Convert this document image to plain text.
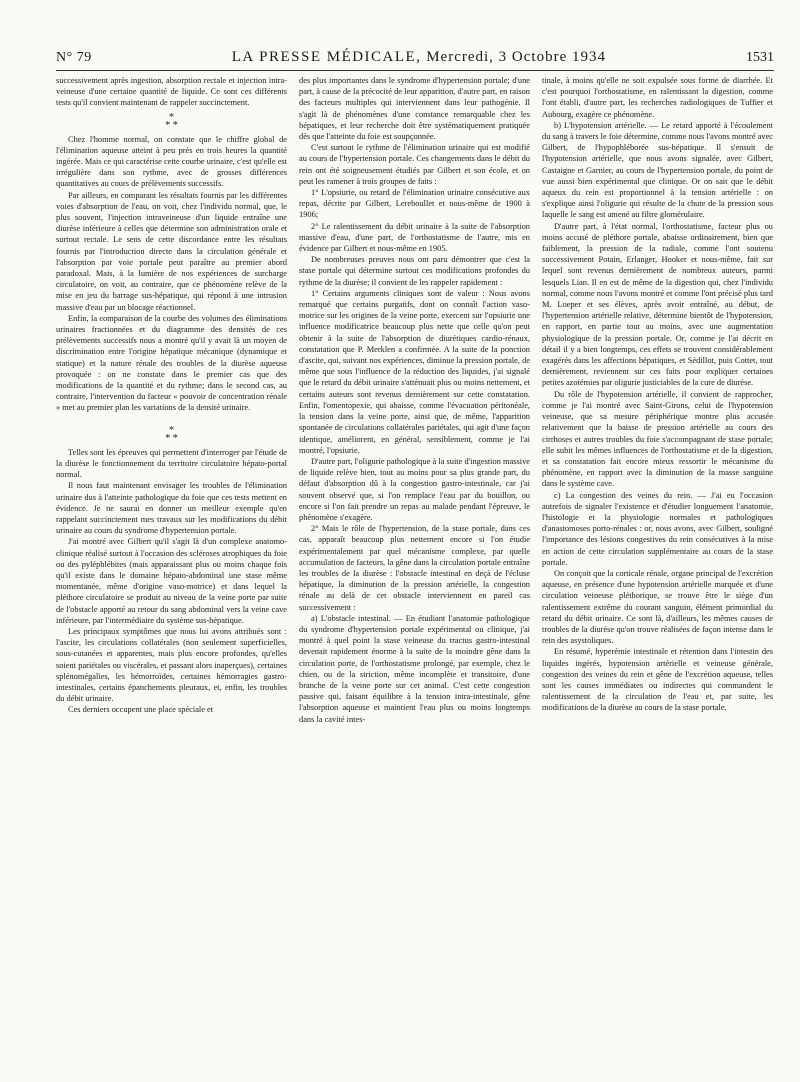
N° 79	LA PRESSE MÉDICALE, Mercredi, 3 Octobre 1934	1531

successivement après ingestion, absorption rectale et injection intra-veineuse d'une certaine quantité de liquide. Ce sont ces différents tests qu'il convient maintenant de rappeler succinctement.

*
* *

Chez l'homme normal, on constate que le chiffre global de l'élimination aqueuse atteint à peu près en trois heures la quantité ingérée. Mais ce qui caractérise cette courbe urinaire, c'est qu'elle est irrégulière dans son rythme, avec de grosses différences quantitatives au cours de prélèvements successifs.

Par ailleurs, en comparant les résultats fournis par les différentes voies d'absorption de l'eau, on voit, chez l'individu normal, que, le plus souvent, l'injection intraveineuse d'un liquide entraîne une diurèse inférieure à celles que détermine son administration orale et surtout rectale. Le sens de cette discordance entre les résultats fournis par l'introduction directe dans la circulation générale et l'absorption par voie portale peut paraître au premier abord paradoxal. Mais, à la lumière de nos expériences de surcharge circulatoire, on voit, au contraire, que ce phénomène relève de la mise en jeu du barrage sus-hépatique, qui répond à une intrusion massive d'eau par un blocage réactionnel.

Enfin, la comparaison de la courbe des volumes des éliminations urinaires fractionnées et du diagramme des densités de ces prélèvements successifs nous a montré qu'il y avait là un moyen de discrimination entre l'origine hépatique mécanique (dynamique et statique) et la nature rénale des troubles de la diurèse aqueuse provoquée : on ne constate dans le premier cas que des modifications de la quantité et du rythme; dans le second cas, au contraire, l'intervention du facteur « pouvoir de concentration rénale » met au premier plan les variations de la densité urinaire.

*
* *

Telles sont les épreuves qui permettent d'interroger par l'étude de la diurèse le fonctionnement du territoire circulatoire hépato-portal normal.

Il nous faut maintenant envisager les troubles de l'élimination urinaire dus à l'atteinte pathologique du foie que ces tests mettent en évidence. Je ne saurai en donner un meilleur exemple qu'en rappelant succinctement mes travaux sur les modifications du débit urinaire au cours du syndrome d'hypertension portale.

J'ai montré avec Gilbert qu'il s'agit là d'un complexe anatomo-clinique réalisé surtout à l'occasion des scléroses atrophiques du foie ou des pyléphlébites (mais apparaissant plus ou moins chaque fois qu'il existe dans le domaine hépato-abdominal une stase même momentanée, même d'origine vaso-motrice) et dans lequel la pléthore circulatoire se produit au niveau de la veine porte par suite de l'obstacle apporté au retour du sang abdominal vers la veine cave inférieure, par l'intermédiaire du système sus-hépatique.

Les principaux symptômes que nous lui avons attribués sont : l'ascite, les circulations collatérales (non seulement superficielles, sous-cutanées et apparentes, mais plus encore profondes, qu'elles soient pariétales ou viscérales, et passant alors inaperçues), certaines splénomégalies, les hémorroïdes, certaines hémorragies gastro-intestinales, certains épanchements pleuraux, et, enfin, les troubles du débit urinaire.

Ces derniers occupent une place spéciale et

des plus importantes dans le syndrome d'hypertension portale; d'une part, à cause de la précocité de leur apparition, d'autre part, en raison des facteurs multiples qui interviennent dans leur pathogénie. Il s'agit là de phénomènes d'une constance remarquable chez les hépatiques, et leur recherche doit être systématiquement pratiquée dès que l'atteinte du foie est soupçonnée.

C'est surtout le rythme de l'élimination urinaire qui est modifié au cours de l'hypertension portale. Ces changements dans le débit du rein ont été soigneusement étudiés par Gilbert et son école, et on peut les ramener à trois groupes de faits :

1° L'opsiurie, ou retard de l'élimination urinaire consécutive aux repas, décrite par Gilbert, Lereboullet et nous-même de 1900 à 1906;

2° Le ralentissement du débit urinaire à la suite de l'absorption massive d'eau, d'une part, de l'orthostatisme de l'autre, mis en évidence par Gilbert et nous-même en 1905.

De nombreuses preuves nous ont paru démontrer que c'est la stase portale qui détermine surtout ces modifications profondes du rythme de la diurèse; il convient de les rappeler rapidement :

1° Certains arguments cliniques sont de valeur : Nous avons remarqué que certains purgatifs, dont on connaît l'action vaso-motrice sur les origines de la veine porte, exercent sur l'opsiurie une influence modificatrice beaucoup plus nette que celle qu'on peut obtenir à la suite de l'absorption de diurétiques cardio-rénaux, constatation que P. Merklen a confirmée. A la suite de la ponction d'ascite, qui, suivant nos expériences, diminue la pression portale, de même que sous l'influence de la réduction des liquides, j'ai signalé que le retard du débit urinaire s'atténuait plus ou moins nettement, et certains auteurs sont revenus dernièrement sur cette constatation. Enfin, l'omentopexie, qui abaisse, comme l'évacuation péritonéale, la tension dans la veine porte, ainsi que, de même, l'apparition spontanée de circulations collatérales pariétales, qui agit d'une façon identique, améliorent, en général, sensiblement, comme je l'ai montré, l'opsiurie.

D'autre part, l'oligurie pathologique à la suite d'ingestion massive de liquide relève bien, tout au moins pour sa plus grande part, du défaut d'absorption dû à la congestion gastro-intestinale, car j'ai souvent observé que, si l'on remplace l'eau par du bouillon, ou encore si l'on fait prendre un repas au malade pendant l'épreuve, le phénomène s'exagère.

2° Mais le rôle de l'hypertension, de la stase portale, dans ces cas, apparaît beaucoup plus nettement encore si l'on étudie expérimentalement par quel mécanisme complexe, par quelle accumulation de facteurs, la gêne dans la circulation portale entraîne les troubles de la diurèse : l'obstacle intestinal en deçà de l'écluse hépatique, la diminution de la pression artérielle, la congestion rénale au delà de cet obstacle interviennent en pareil cas successivement :

a) L'obstacle intestinal. — En étudiant l'anatomie pathologique du syndrome d'hypertension portale expérimental ou clinique, j'ai montré à quel point la stase veineuse du tractus gastro-intestinal devenait rapidement énorme à la suite de la moindre gêne dans la circulation porte, de l'orthostatisme prolongé, par exemple, chez le chien, ou de la striction, même incomplète et transitoire, d'une branche de la veine porte sur cet animal. C'est cette congestion passive qui, faisant équilibre à la tension intra-intestinale, gêne l'absorption aqueuse et maintient l'eau plus ou moins longtemps dans la cavité intes-

tinale, à moins qu'elle ne soit expulsée sous forme de diarrhée. Et c'est pourquoi l'orthostatisme, en ralentissant la digestion, comme l'ont établi, d'autre part, les recherches radiologiques de Tuffier et Aubourg, exagère ce phénomène.

b) L'hypotension artérielle. — Le retard apporté à l'écoulement du sang à travers le foie détermine, comme nous l'avons montré avec Gilbert, de l'hypophléborée sus-hépatique. Il s'ensuit de l'hypotension artérielle, que nous avons signalée, avec Gilbert, Castaigne et Garnier, au cours de l'hypertension portale, du point de vue aussi bien expérimental que clinique. Or on sait que le débit aqueux du rein est proportionnel à la tension artérielle : on s'explique ainsi l'oligurie qui résulte de la chute de la pression sous laquelle le sang est amené au filtre glomérulaire.

D'autre part, à l'état normal, l'orthostatisme, facteur plus ou moins accusé de pléthore portale, abaisse ordinairement, bien que faiblement, la pression de la radiale, comme l'ont soutenu successivement Potain, Erlanger, Hooker et nous-même, fait sur lequel sont revenus dernièrement de nombreux auteurs, parmi lesquels Lian. Il en est de même de la digestion qui, chez l'individu normal, comme nous l'avons montré et comme l'ont précisé plus tard M. Loeper et ses élèves, après avoir entraîné, au début, de l'hypertension artérielle relative, détermine bientôt de l'hypotension, en rapport, en partie tout au moins, avec une augmentation physiologique de la pression portale. Or, comme je l'ai décrit en détail il y a bien longtemps, ces effets se trouvent considérablement exagérés dans les affections hépatiques, et Sédillot, puis Cottet, tout dernièrement, reviennent sur ces faits pour expliquer certaines petites azotémies par oligurie justiciables de la cure de diurèse.

Du rôle de l'hypotension artérielle, il convient de rapprocher, comme je l'ai montré avec Saint-Girons, celui de l'hypotension veineuse, que sa mesure périphérique montre plus accusée relativement que la baisse de pression artérielle au cours des cirrhoses et autres troubles du foie s'accompagnant de stase portale; elle subit les mêmes influences de l'orthostatisme et de la digestion, et sa constatation fait encore mieux ressortir le mécanisme du phénomène, en rapport avec la diminution de la masse sanguine dans le système cave.

c) La congestion des veines du rein. — J'ai eu l'occasion autrefois de signaler l'existence et d'étudier longuement l'anatomie, l'histologie et la physiologie normales et pathologiques d'anastomoses porto-rénales : or, nous avons, avec Gilbert, souligné l'importance des lésions congestives du rein consécutives à la mise en action de cette circulation supplémentaire au cours de la stase portale.

On conçoit que la corticale rénale, organe principal de l'excrétion aqueuse, en présence d'une hypotension artérielle marquée et d'une circulation veineuse pléthorique, se trouve être le siège d'un ralentissement extrême du courant sanguin, élément primordial du retard du débit urinaire. Ce sont là, d'ailleurs, les mêmes causes de troubles de la diurèse qu'on trouve réalisées de façon intense dans le rein des asystoliques.

En résumé, hyperémie intestinale et rétention dans l'intestin des liquides ingérés, hypotension artérielle et veineuse générale, congestion des veines du rein et gêne de l'excrétion aqueuse, telles sont les causes immédiates ou indirectes qui commandent le ralentissement de la circulation de l'eau et, par suite, les modifications de la diurèse au cours de la stase portale.
